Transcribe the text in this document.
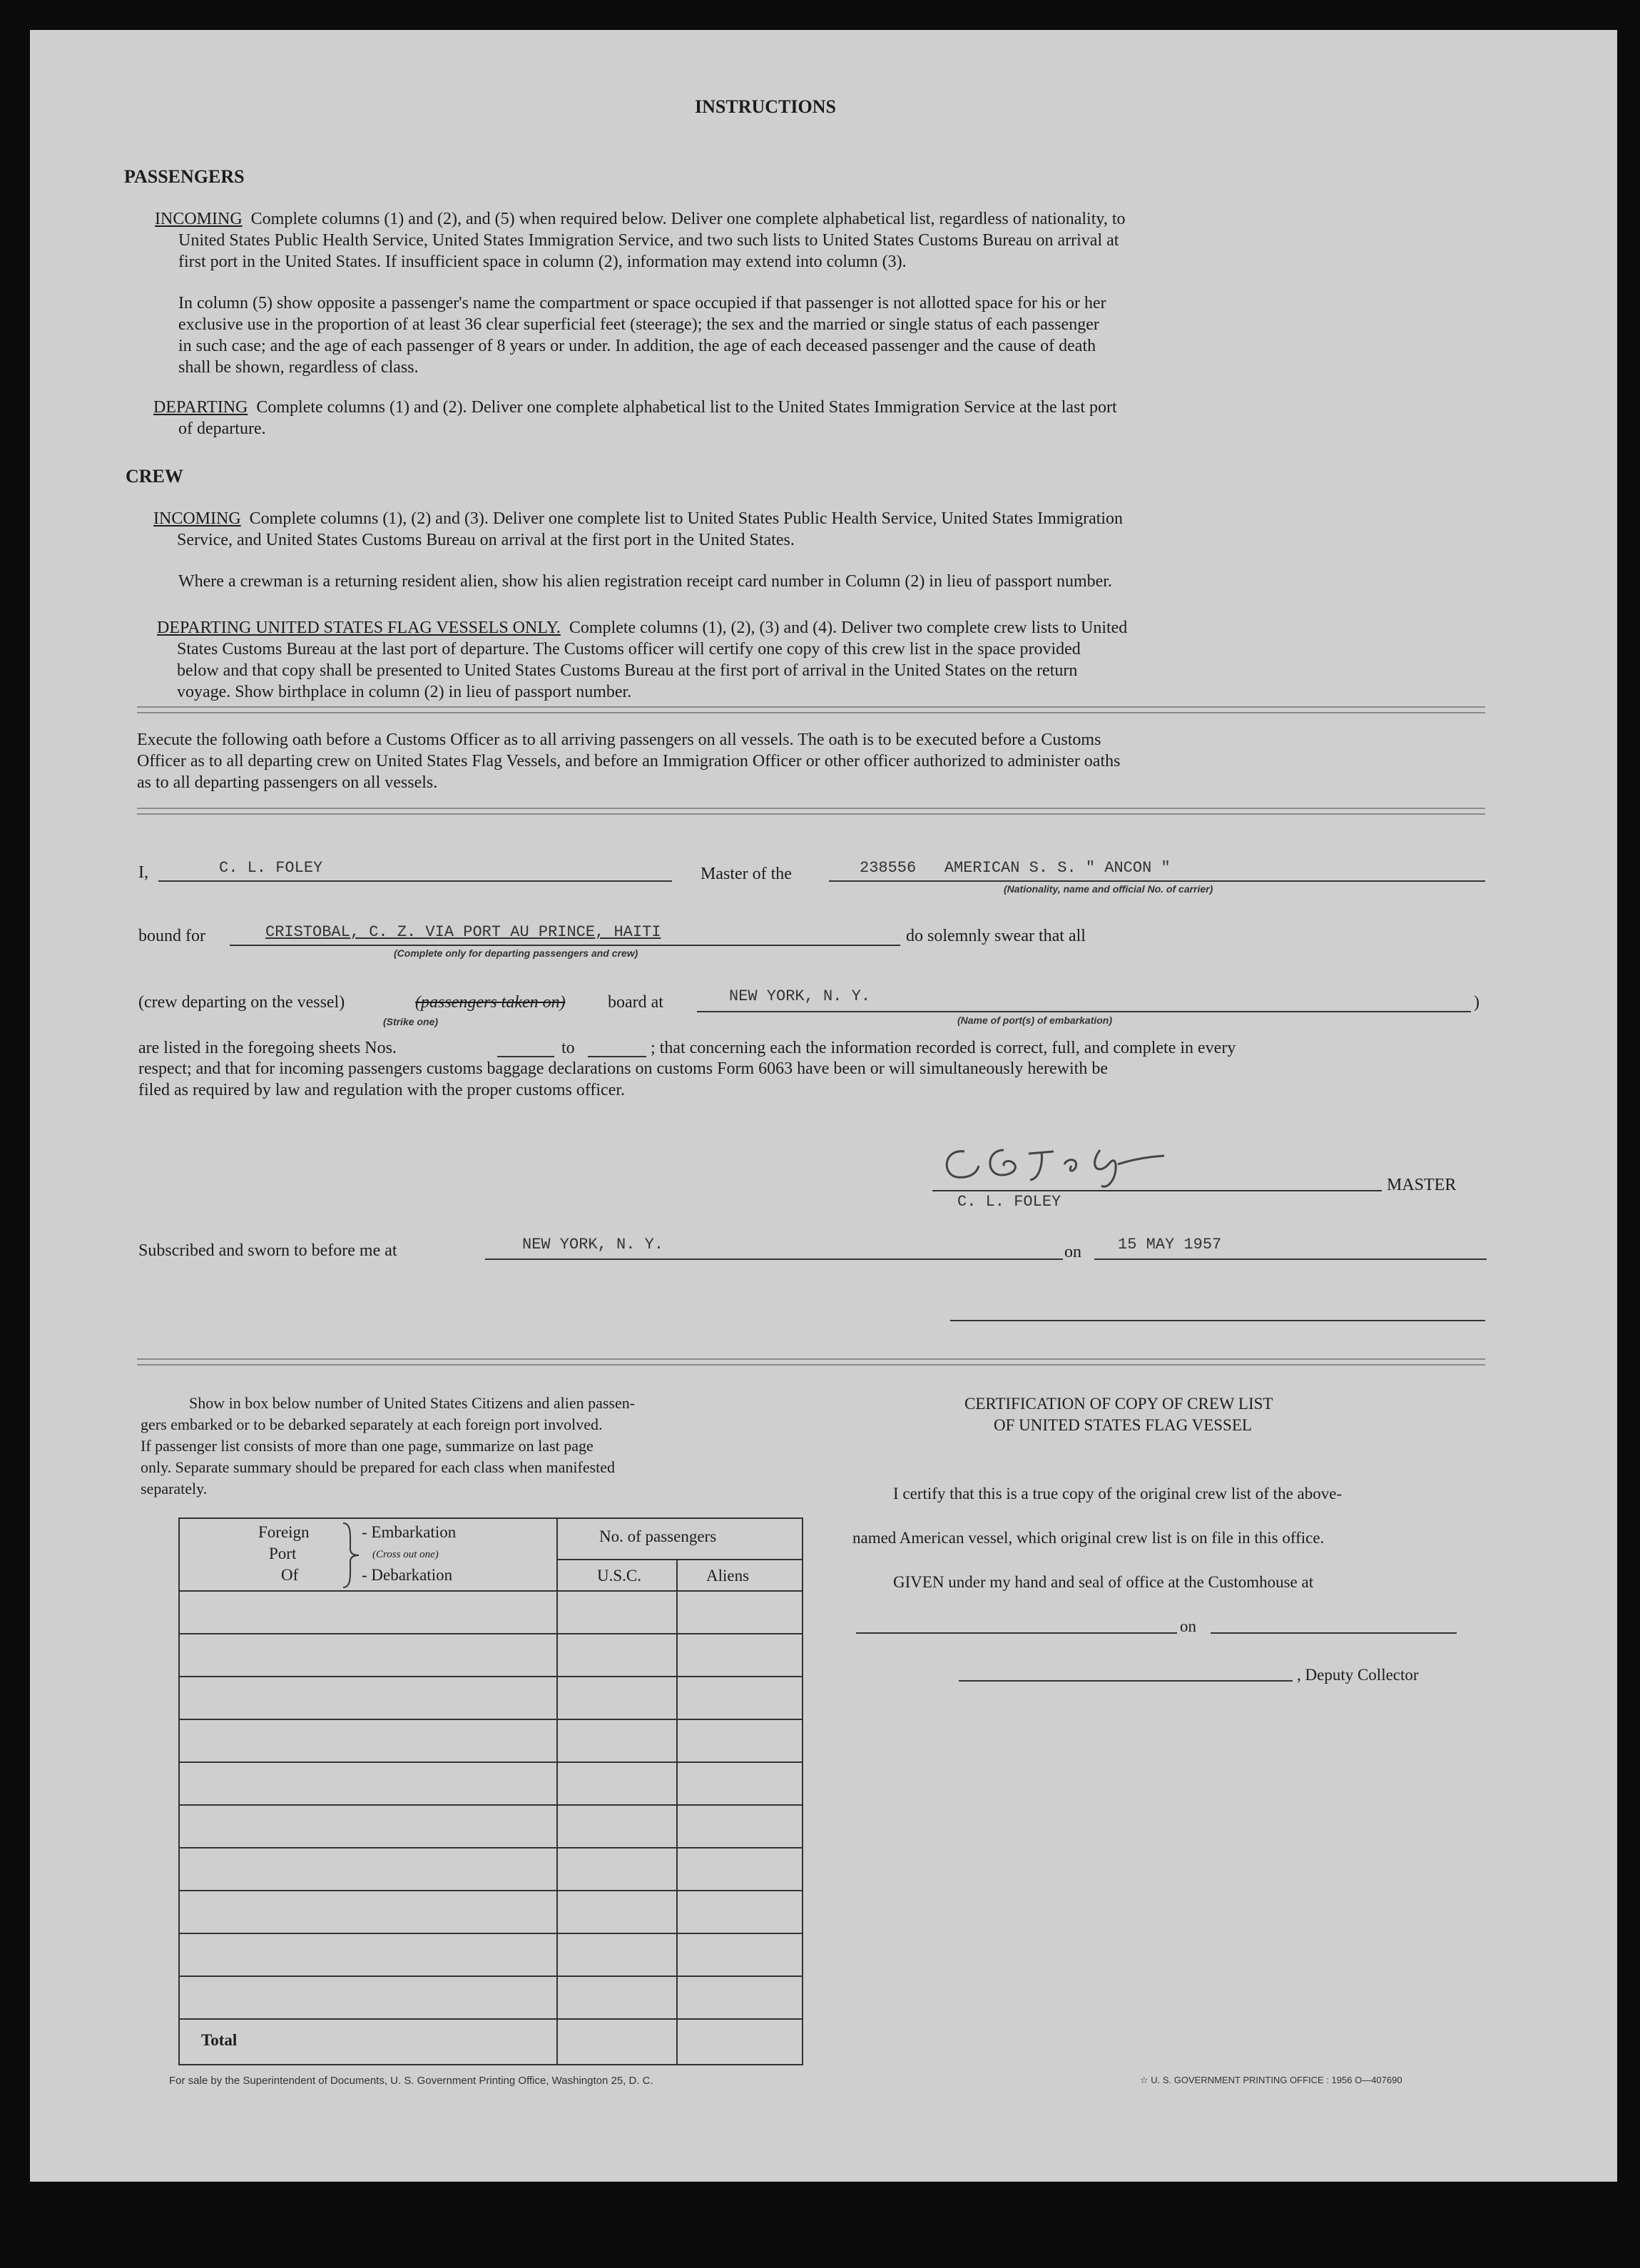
INSTRUCTIONS
PASSENGERS
INCOMING Complete columns (1) and (2), and (5) when required below. Deliver one complete alphabetical list, regardless of nationality, to
United States Public Health Service, United States Immigration Service, and two such lists to United States Customs Bureau on arrival at
first port in the United States. If insufficient space in column (2), information may extend into column (3).
In column (5) show opposite a passenger's name the compartment or space occupied if that passenger is not allotted space for his or her
exclusive use in the proportion of at least 36 clear superficial feet (steerage); the sex and the married or single status of each passenger
in such case; and the age of each passenger of 8 years or under. In addition, the age of each deceased passenger and the cause of death
shall be shown, regardless of class.
DEPARTING Complete columns (1) and (2). Deliver one complete alphabetical list to the United States Immigration Service at the last port
of departure.
CREW
INCOMING Complete columns (1), (2) and (3). Deliver one complete list to United States Public Health Service, United States Immigration
Service, and United States Customs Bureau on arrival at the first port in the United States.
Where a crewman is a returning resident alien, show his alien registration receipt card number in Column (2) in lieu of passport number.
DEPARTING UNITED STATES FLAG VESSELS ONLY. Complete columns (1), (2), (3) and (4). Deliver two complete crew lists to United
States Customs Bureau at the last port of departure. The Customs officer will certify one copy of this crew list in the space provided
below and that copy shall be presented to United States Customs Bureau at the first port of arrival in the United States on the return
voyage. Show birthplace in column (2) in lieu of passport number.
Execute the following oath before a Customs Officer as to all arriving passengers on all vessels. The oath is to be executed before a Customs
Officer as to all departing crew on United States Flag Vessels, and before an Immigration Officer or other officer authorized to administer oaths
as to all departing passengers on all vessels.
I,	C. L. FOLEY	Master of the	238556   AMERICAN S. S. " ANCON "
(Nationality, name and official No. of carrier)
bound for	CRISTOBAL, C. Z. VIA PORT AU PRINCE, HAITI
(Complete only for departing passengers and crew)
do solemnly swear that all
(crew departing on the vessel)	(passengers taken on) board at
(Strike one)
NEW YORK, N. Y.
(Name of port(s) of embarkation)
)
are listed in the foregoing sheets Nos.	to	; that concerning each the information recorded is correct, full, and complete in every
respect; and that for incoming passengers customs baggage declarations on customs Form 6063 have been or will simultaneously herewith be
filed as required by law and regulation with the proper customs officer.
C. L. FOLEY
MASTER
Subscribed and sworn to before me at	NEW YORK, N. Y.	on 15 MAY 1957
Show in box below number of United States Citizens and alien passen-
gers embarked or to be debarked separately at each foreign port involved.
If passenger list consists of more than one page, summarize on last page
only. Separate summary should be prepared for each class when manifested
separately.
Foreign
Port
Of
- Embarkation
(Cross out one)
- Debarkation
No. of passengers
U.S.C.	Aliens
Total
CERTIFICATION OF COPY OF CREW LIST
OF UNITED STATES FLAG VESSEL
I certify that this is a true copy of the original crew list of the above-
named American vessel, which original crew list is on file in this office.
GIVEN under my hand and seal of office at the Customhouse at
on
, Deputy Collector
For sale by the Superintendent of Documents, U. S. Government Printing Office, Washington 25, D. C.	☆ U. S. GOVERNMENT PRINTING OFFICE : 1956 O—407690
